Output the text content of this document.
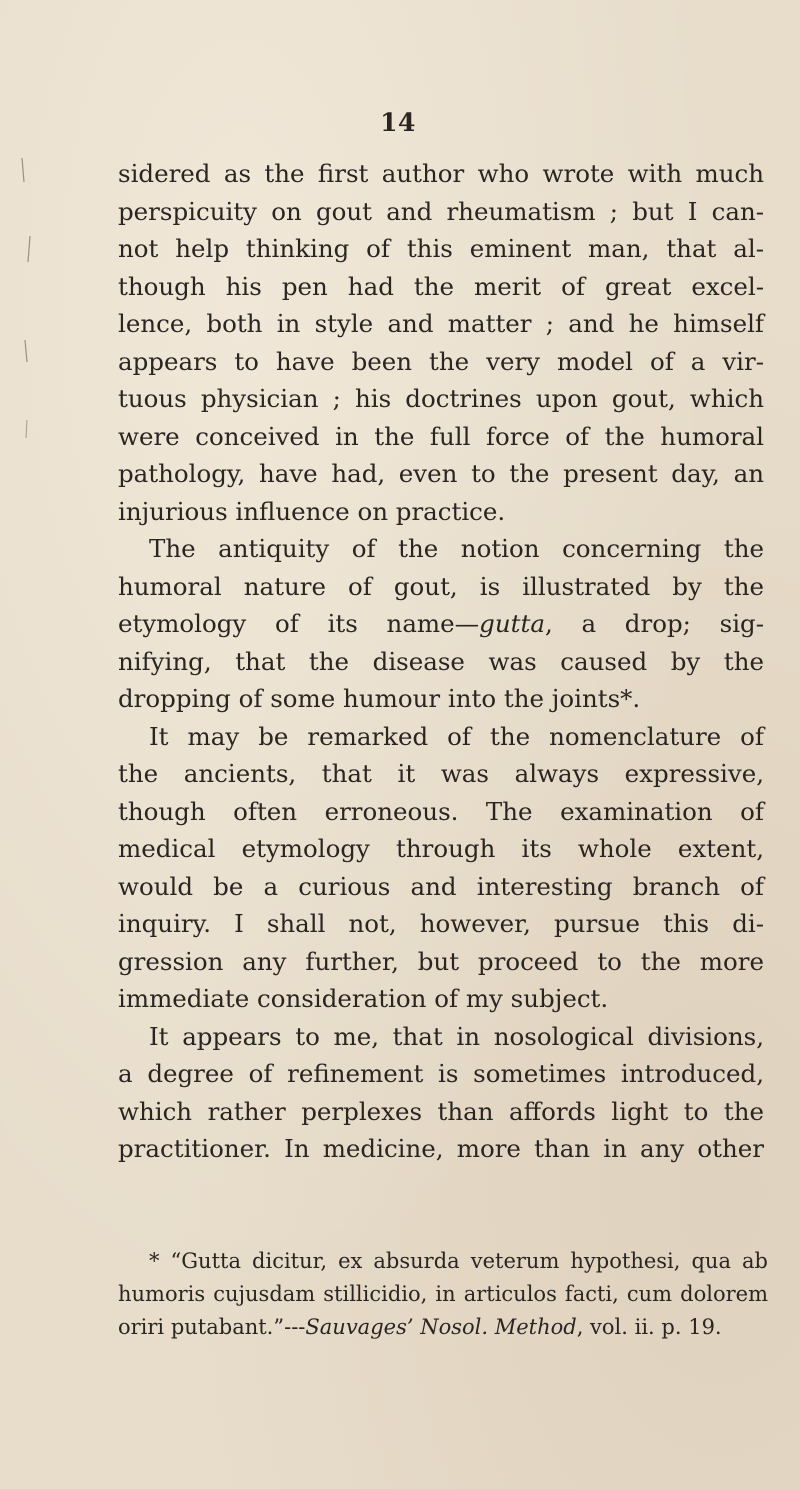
14
sidered as the first author who wrote with much
perspicuity on gout and rheumatism ; but I can-
not help thinking of this eminent man, that al-
though his pen had the merit of great excel-
lence, both in style and matter ; and he himself
appears to have been the very model of a vir-
tuous physician ; his doctrines upon gout, which
were conceived in the full force of the humoral
pathology, have had, even to the present day, an
injurious influence on practice.
The antiquity of the notion concerning the
humoral nature of gout, is illustrated by the
etymology of its name—gutta, a drop; sig-
nifying, that the disease was caused by the
dropping of some humour into the joints*.
It may be remarked of the nomenclature of
the ancients, that it was always expressive,
though often erroneous. The examination of
medical etymology through its whole extent,
would be a curious and interesting branch of
inquiry. I shall not, however, pursue this di-
gression any further, but proceed to the more
immediate consideration of my subject.
It appears to me, that in nosological divisions,
a degree of refinement is sometimes introduced,
which rather perplexes than affords light to the
practitioner. In medicine, more than in any other
* “Gutta dicitur, ex absurda veterum hypothesi, qua ab
humoris cujusdam stillicidio, in articulos facti, cum dolorem
oriri putabant.”---Sauvages’ Nosol. Method, vol. ii. p. 19.
